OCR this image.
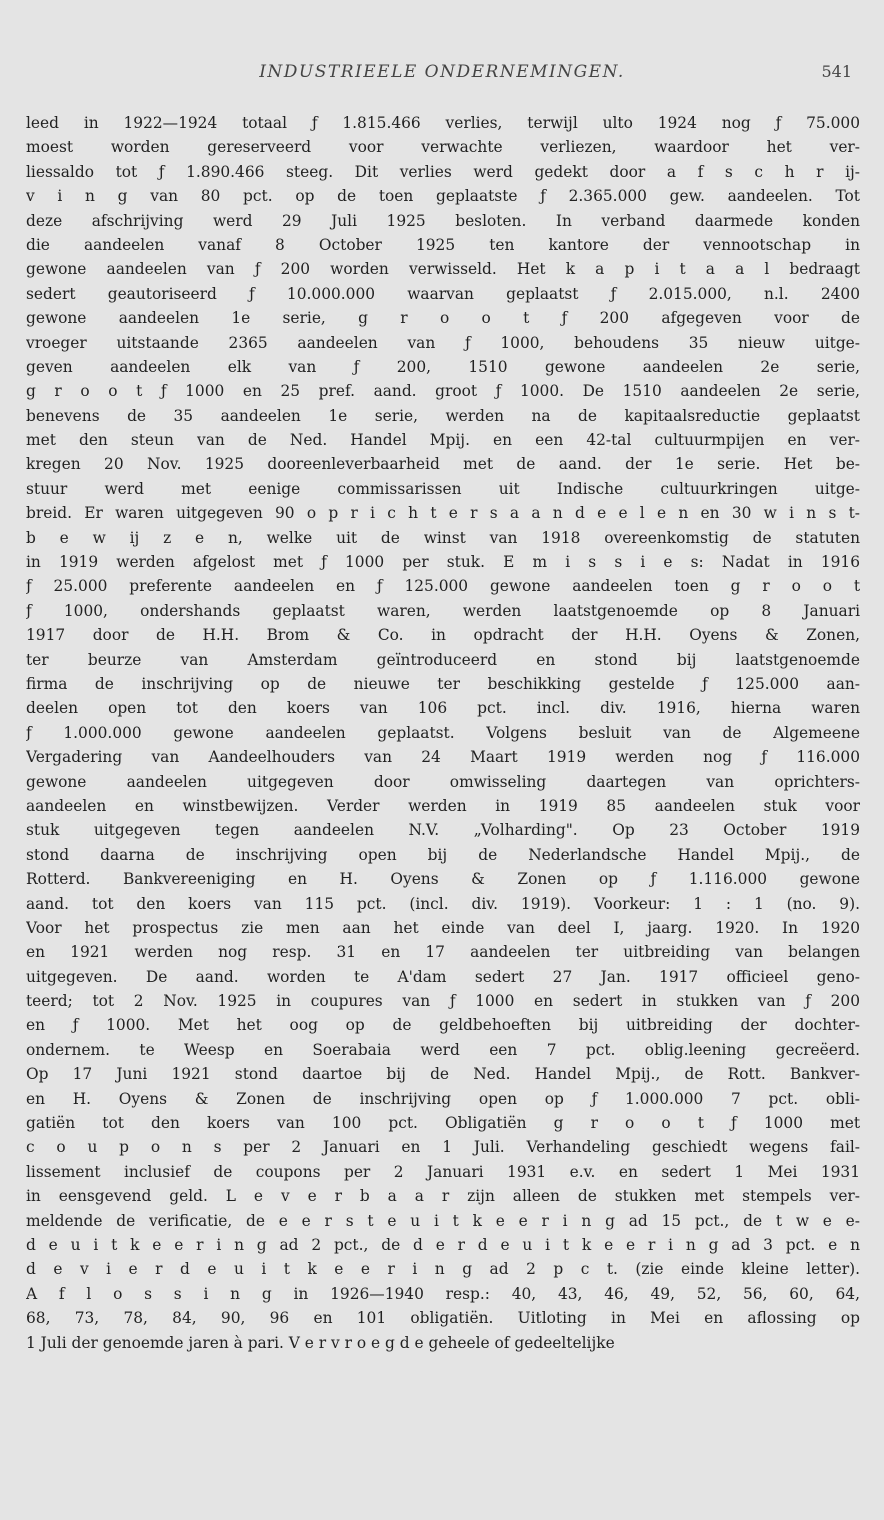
INDUSTRIEELE ONDERNEMINGEN.	541
leed in 1922—1924 totaal ƒ 1.815.466 verlies, terwijl ulto 1924 nog ƒ 75.000
moest worden gereserveerd voor verwachte verliezen, waardoor het ver-
liessaldo tot ƒ 1.890.466 steeg. Dit verlies werd gedekt door a f s c h r ij-
v i n g van 80 pct. op de toen geplaatste ƒ 2.365.000 gew. aandeelen. Tot
deze afschrijving werd 29 Juli 1925 besloten. In verband daarmede konden
die aandeelen vanaf 8 October 1925 ten kantore der vennootschap in
gewone aandeelen van ƒ 200 worden verwisseld. Het k a p i t a a l bedraagt
sedert geautoriseerd ƒ 10.000.000 waarvan geplaatst ƒ 2.015.000, n.l. 2400
gewone aandeelen 1e serie, g r o o t ƒ 200 afgegeven voor de
vroeger uitstaande 2365 aandeelen van ƒ 1000, behoudens 35 nieuw uitge-
geven aandeelen elk van ƒ 200, 1510 gewone aandeelen 2e serie,
g r o o t ƒ 1000 en 25 pref. aand. groot ƒ 1000. De 1510 aandeelen 2e serie,
benevens de 35 aandeelen 1e serie, werden na de kapitaalsreductie geplaatst
met den steun van de Ned. Handel Mpij. en een 42-tal cultuurmpijen en ver-
kregen 20 Nov. 1925 dooreenleverbaarheid met de aand. der 1e serie. Het be-
stuur werd met eenige commissarissen uit Indische cultuurkringen uitge-
breid. Er waren uitgegeven 90 o p r i c h t e r s a a n d e e l e n en 30 w i n s t-
b e w ij z e n, welke uit de winst van 1918 overeenkomstig de statuten
in 1919 werden afgelost met ƒ 1000 per stuk. E m i s s i e s: Nadat in 1916
ƒ 25.000 preferente aandeelen en ƒ 125.000 gewone aandeelen toen g r o o t
ƒ 1000, ondershands geplaatst waren, werden laatstgenoemde op 8 Januari
1917 door de H.H. Brom & Co. in opdracht der H.H. Oyens & Zonen,
ter beurze van Amsterdam geïntroduceerd en stond bij laatstgenoemde
firma de inschrijving op de nieuwe ter beschikking gestelde ƒ 125.000 aan-
deelen open tot den koers van 106 pct. incl. div. 1916, hierna waren
ƒ 1.000.000 gewone aandeelen geplaatst. Volgens besluit van de Algemeene
Vergadering van Aandeelhouders van 24 Maart 1919 werden nog ƒ 116.000
gewone aandeelen uitgegeven door omwisseling daartegen van oprichters-
aandeelen en winstbewijzen. Verder werden in 1919 85 aandeelen stuk voor
stuk uitgegeven tegen aandeelen N.V. „Volharding". Op 23 October 1919
stond daarna de inschrijving open bij de Nederlandsche Handel Mpij., de
Rotterd. Bankvereeniging en H. Oyens & Zonen op ƒ 1.116.000 gewone
aand. tot den koers van 115 pct. (incl. div. 1919). Voorkeur: 1 : 1 (no. 9).
Voor het prospectus zie men aan het einde van deel I, jaarg. 1920. In 1920
en 1921 werden nog resp. 31 en 17 aandeelen ter uitbreiding van belangen
uitgegeven. De aand. worden te A'dam sedert 27 Jan. 1917 officieel geno-
teerd; tot 2 Nov. 1925 in coupures van ƒ 1000 en sedert in stukken van ƒ 200
en ƒ 1000. Met het oog op de geldbehoeften bij uitbreiding der dochter-
ondernem. te Weesp en Soerabaia werd een 7 pct. oblig.leening gecreëerd.
Op 17 Juni 1921 stond daartoe bij de Ned. Handel Mpij., de Rott. Bankver-
en H. Oyens & Zonen de inschrijving open op ƒ 1.000.000 7 pct. obli-
gatiën tot den koers van 100 pct. Obligatiën g r o o t ƒ 1000 met
c o u p o n s per 2 Januari en 1 Juli. Verhandeling geschiedt wegens fail-
lissement inclusief de coupons per 2 Januari 1931 e.v. en sedert 1 Mei 1931
in eensgevend geld. L e v e r b a a r zijn alleen de stukken met stempels ver-
meldende de verificatie, de e e r s t e u i t k e e r i n g ad 15 pct., de t w e e-
d e u i t k e e r i n g ad 2 pct., de d e r d e u i t k e e r i n g ad 3 pct. e n
d e v i e r d e u i t k e e r i n g ad 2 p c t. (zie einde kleine letter).
A f l o s s i n g in 1926—1940 resp.: 40, 43, 46, 49, 52, 56, 60, 64,
68, 73, 78, 84, 90, 96 en 101 obligatiën. Uitloting in Mei en aflossing op
1 Juli der genoemde jaren à pari. V e r v r o e g d e geheele of gedeeltelijke
